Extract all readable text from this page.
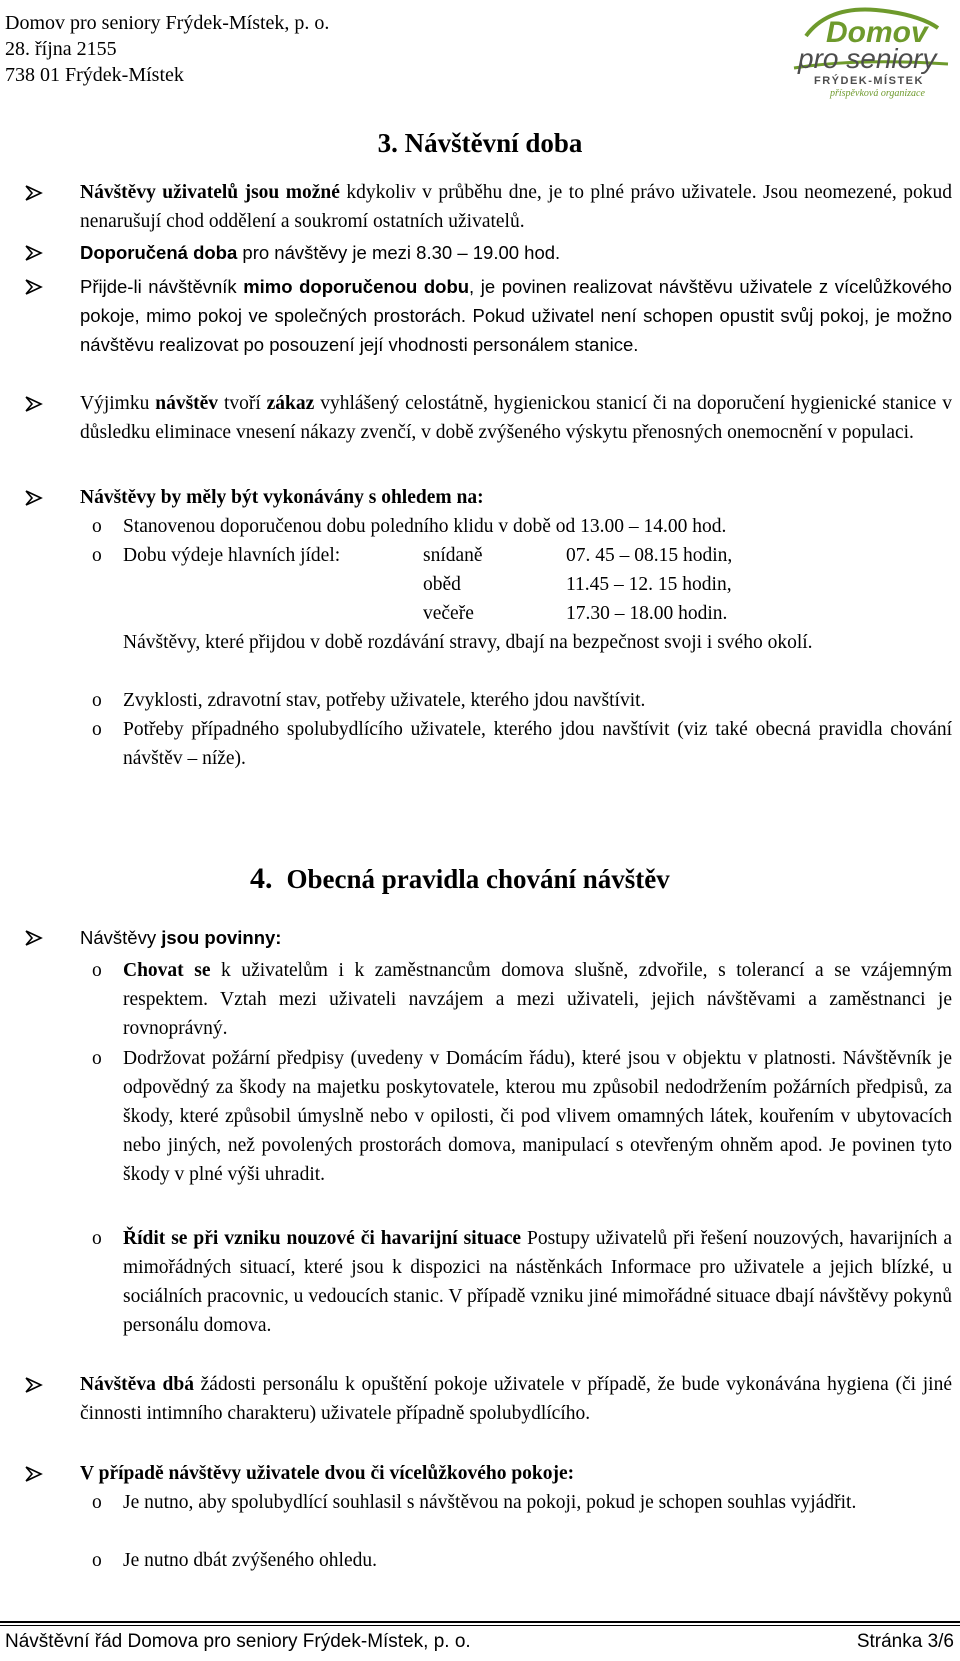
Domov pro seniory Frýdek-Místek, p. o.
28. října 2155
738 01 Frýdek-Místek
Domov
pro seniory
FRÝDEK-MÍSTEK
příspěvková organizace
3. Návštěvní doba
Návštěvy uživatelů jsou možné kdykoliv v průběhu dne, je to plné právo uživatele. Jsou neomezené, pokud nenarušují chod oddělení a soukromí ostatních uživatelů.
Doporučená doba pro návštěvy je mezi 8.30 – 19.00 hod.
Přijde-li návštěvník mimo doporučenou dobu, je povinen realizovat návštěvu uživatele z vícelůžkového pokoje, mimo pokoj ve společných prostorách. Pokud uživatel není schopen opustit svůj pokoj, je možno návštěvu realizovat po posouzení její vhodnosti personálem stanice.
Výjimku návštěv tvoří zákaz vyhlášený celostátně, hygienickou stanicí či na doporučení hygienické stanice v důsledku eliminace vnesení nákazy zvenčí, v době zvýšeného výskytu přenosných onemocnění v populaci.
Návštěvy by měly být vykonávány s ohledem na:
o Stanovenou doporučenou dobu poledního klidu v době od 13.00 – 14.00 hod.
o Dobu výdeje hlavních jídel:	snídaně	07. 45 – 08.15 hodin,
oběd	11.45 – 12. 15 hodin,
večeře	17.30 – 18.00 hodin.
Návštěvy, které přijdou v době rozdávání stravy, dbají na bezpečnost svoji i svého okolí.
o Zvyklosti, zdravotní stav, potřeby uživatele, kterého jdou navštívit.
o Potřeby případného spolubydlícího uživatele, kterého jdou navštívit (viz také obecná pravidla chování návštěv – níže).
4. Obecná pravidla chování návštěv
Návštěvy jsou povinny:
o Chovat se k uživatelům i k zaměstnancům domova slušně, zdvořile, s tolerancí a se vzájemným respektem. Vztah mezi uživateli navzájem a mezi uživateli, jejich návštěvami a zaměstnanci je rovnoprávný.
o Dodržovat požární předpisy (uvedeny v Domácím řádu), které jsou v objektu v platnosti. Návštěvník je odpovědný za škody na majetku poskytovatele, kterou mu způsobil nedodržením požárních předpisů, za škody, které způsobil úmyslně nebo v opilosti, či pod vlivem omamných látek, kouřením v ubytovacích nebo jiných, než povolených prostorách domova, manipulací s otevřeným ohněm apod. Je povinen tyto škody v plné výši uhradit.
o Řídit se při vzniku nouzové či havarijní situace Postupy uživatelů při řešení nouzových, havarijních a mimořádných situací, které jsou k dispozici na nástěnkách Informace pro uživatele a jejich blízké, u sociálních pracovnic, u vedoucích stanic. V případě vzniku jiné mimořádné situace dbají návštěvy pokynů personálu domova.
Návštěva dbá žádosti personálu k opuštění pokoje uživatele v případě, že bude vykonávána hygiena (či jiné činnosti intimního charakteru) uživatele případně spolubydlícího.
V případě návštěvy uživatele dvou či vícelůžkového pokoje:
o Je nutno, aby spolubydlící souhlasil s návštěvou na pokoji, pokud je schopen souhlas vyjádřit.
o Je nutno dbát zvýšeného ohledu.
Návštěvní řád Domova pro seniory Frýdek-Místek, p. o.	Stránka 3/6
